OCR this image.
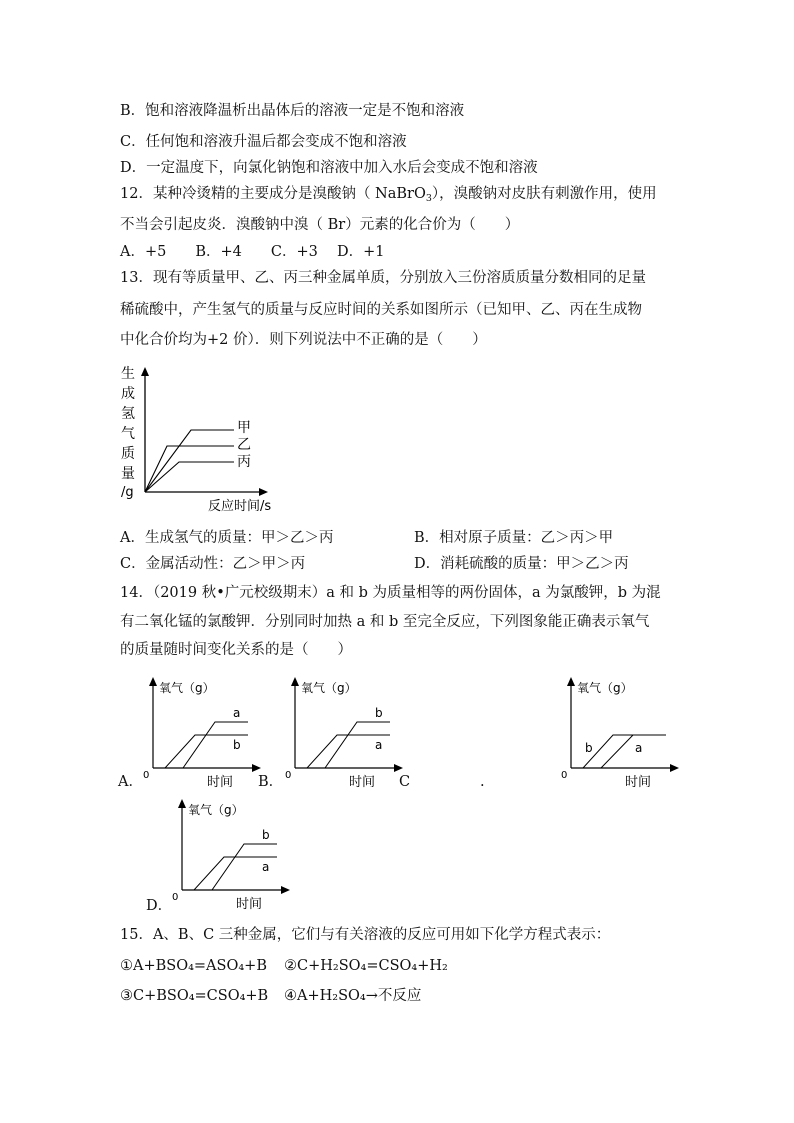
B．饱和溶液降温析出晶体后的溶液一定是不饱和溶液
C．任何饱和溶液升温后都会变成不饱和溶液
D．一定温度下，向氯化钠饱和溶液中加入水后会变成不饱和溶液
12．某种冷烫精的主要成分是溴酸钠（ NaBrO$_3$），溴酸钠对皮肤有刺激作用，使用
不当会引起皮炎．溴酸钠中溴（ Br）元素的化合价为（　　）
A．+5　　B．+4　　C．+3　 D．+1
13．现有等质量甲、乙、丙三种金属单质，分别放入三份溶质质量分数相同的足量
稀硫酸中，产生氢气的质量与反应时间的关系如图所示（已知甲、乙、丙在生成物
中化合价均为+2 价）．则下列说法中不正确的是（　　）
生
成
氢
气
质
量
/g
反应时间/s
甲
乙
丙
A．生成氢气的质量：甲＞乙＞丙	B．相对原子质量：乙＞丙＞甲
C．金属活动性：乙＞甲＞丙	D．消耗硫酸的质量：甲＞乙＞丙
14．（2019 秋•广元校级期末）a 和 b 为质量相等的两份固体，a 为氯酸钾，b 为混
有二氧化锰的氯酸钾．分别同时加热 a 和 b 至完全反应，下列图象能正确表示氧气
的质量随时间变化关系的是（　　）
氧气（g）
时间
0
a
b
氧气（g）
时间
0
b
a
氧气（g）
时间
0
b	a
氧气（g）
时间
0
b
a
A．	B．	C	.
D．
15．A、B、C 三种金属，它们与有关溶液的反应可用如下化学方程式表示：
①A+BSO₄=ASO₄+B ②C+H₂SO₄=CSO₄+H₂
③C+BSO₄=CSO₄+B ④A+H₂SO₄→不反应
